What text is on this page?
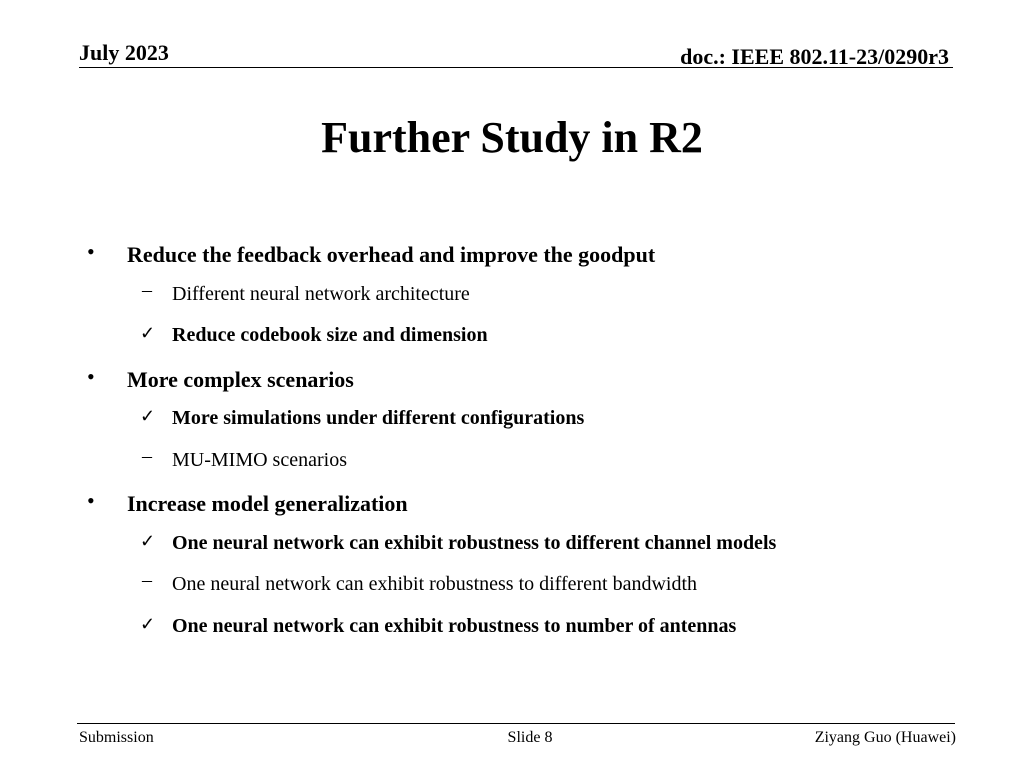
July 2023	doc.: IEEE 802.11-23/0290r3
Further Study in R2
• Reduce the feedback overhead and improve the goodput
– Different neural network architecture
✓ Reduce codebook size and dimension
• More complex scenarios
✓ More simulations under different configurations
– MU-MIMO scenarios
• Increase model generalization
✓ One neural network can exhibit robustness to different channel models
– One neural network can exhibit robustness to different bandwidth
✓ One neural network can exhibit robustness to number of antennas
Submission	Slide 8	Ziyang Guo (Huawei)
